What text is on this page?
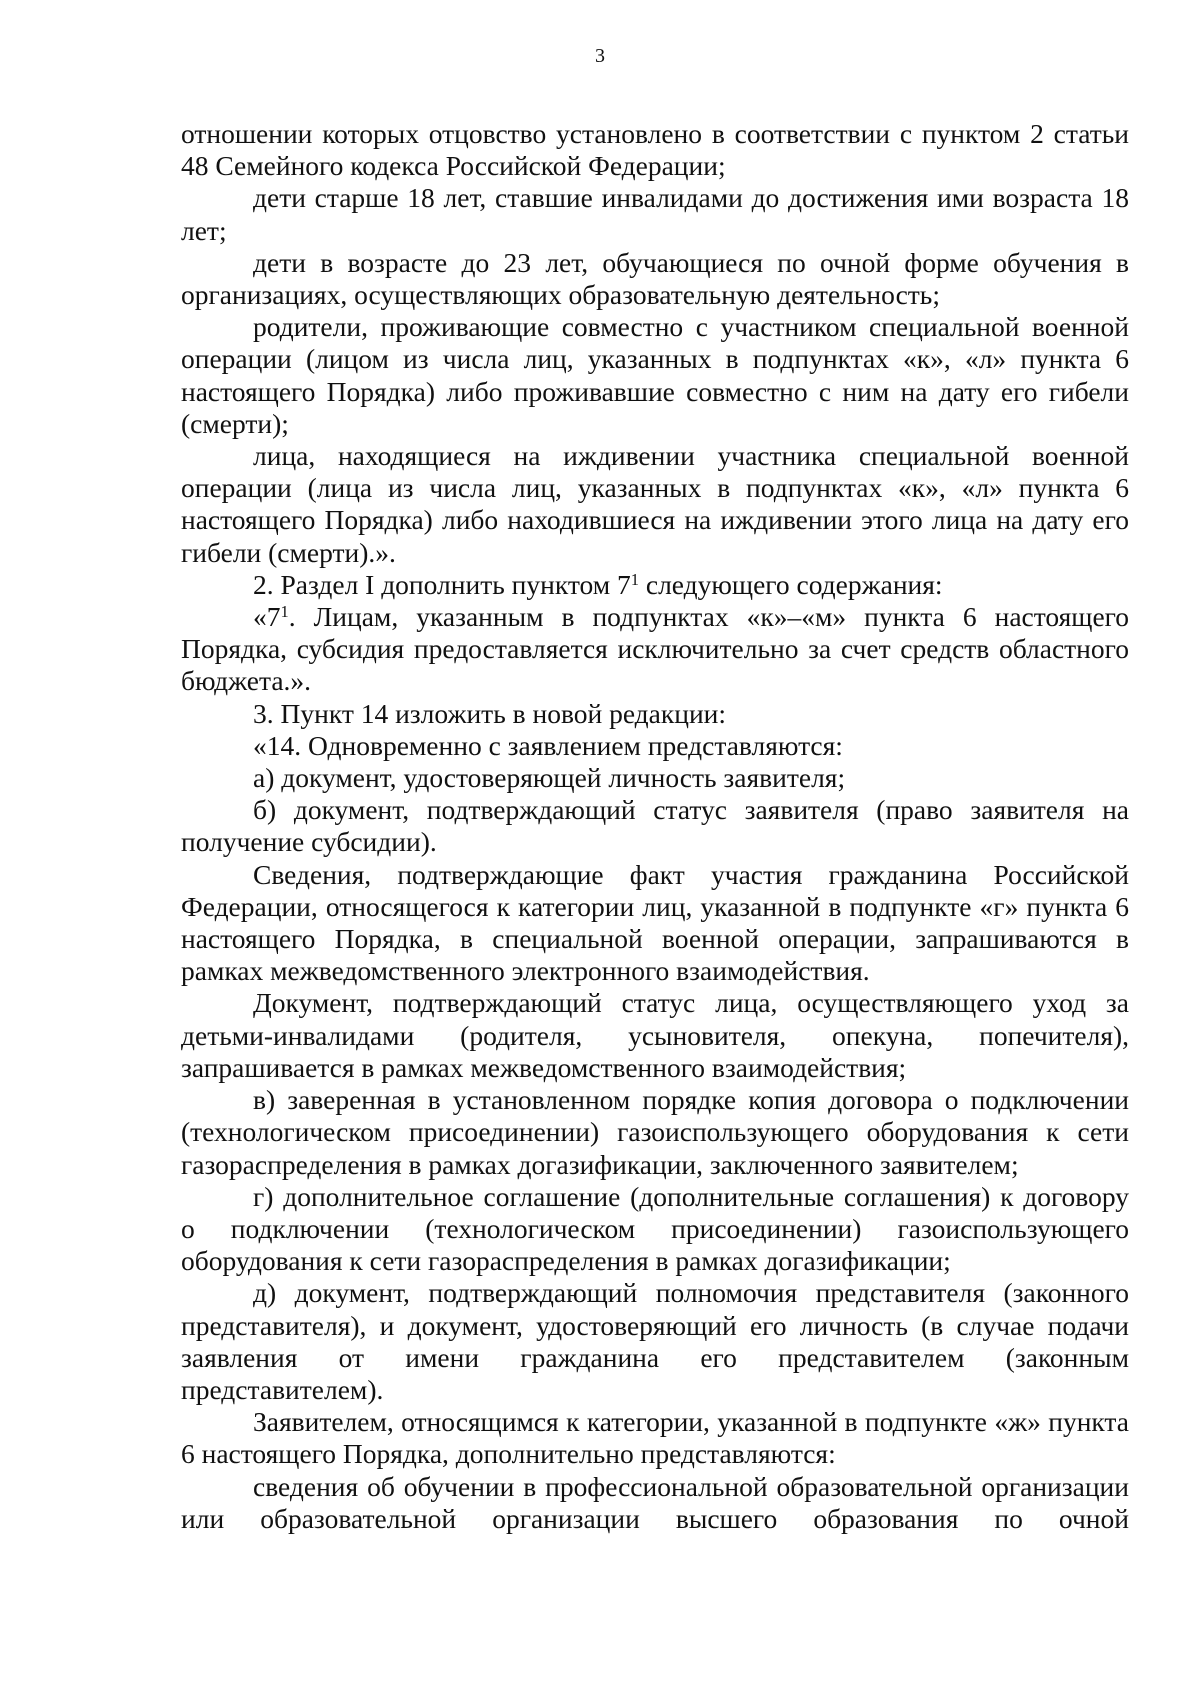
3

отношении которых отцовство установлено в соответствии с пунктом 2 статьи 48 Семейного кодекса Российской Федерации;

дети старше 18 лет, ставшие инвалидами до достижения ими возраста 18 лет;

дети в возрасте до 23 лет, обучающиеся по очной форме обучения в организациях, осуществляющих образовательную деятельность;

родители, проживающие совместно с участником специальной военной операции (лицом из числа лиц, указанных в подпунктах «к», «л» пункта 6 настоящего Порядка) либо проживавшие совместно с ним на дату его гибели (смерти);

лица, находящиеся на иждивении участника специальной военной операции (лица из числа лиц, указанных в подпунктах «к», «л» пункта 6 настоящего Порядка) либо находившиеся на иждивении этого лица на дату его гибели (смерти).».

2. Раздел I дополнить пунктом $7^1$ следующего содержания:

«$7^1$. Лицам, указанным в подпунктах «к»–«м» пункта 6 настоящего Порядка, субсидия предоставляется исключительно за счет средств областного бюджета.».

3. Пункт 14 изложить в новой редакции:

«14. Одновременно с заявлением представляются:

а) документ, удостоверяющей личность заявителя;

б) документ, подтверждающий статус заявителя (право заявителя на получение субсидии).

Сведения, подтверждающие факт участия гражданина Российской Федерации, относящегося к категории лиц, указанной в подпункте «г» пункта 6 настоящего Порядка, в специальной военной операции, запрашиваются в рамках межведомственного электронного взаимодействия.

Документ, подтверждающий статус лица, осуществляющего уход за детьми-инвалидами (родителя, усыновителя, опекуна, попечителя), запрашивается в рамках межведомственного взаимодействия;

в) заверенная в установленном порядке копия договора о подключении (технологическом присоединении) газоиспользующего оборудования к сети газораспределения в рамках догазификации, заключенного заявителем;

г) дополнительное соглашение (дополнительные соглашения) к договору о подключении (технологическом присоединении) газоиспользующего оборудования к сети газораспределения в рамках догазификации;

д) документ, подтверждающий полномочия представителя (законного представителя), и документ, удостоверяющий его личность (в случае подачи заявления от имени гражданина его представителем (законным представителем).

Заявителем, относящимся к категории, указанной в подпункте «ж» пункта 6 настоящего Порядка, дополнительно представляются:

сведения об обучении в профессиональной образовательной организации или образовательной организации высшего образования по очной
